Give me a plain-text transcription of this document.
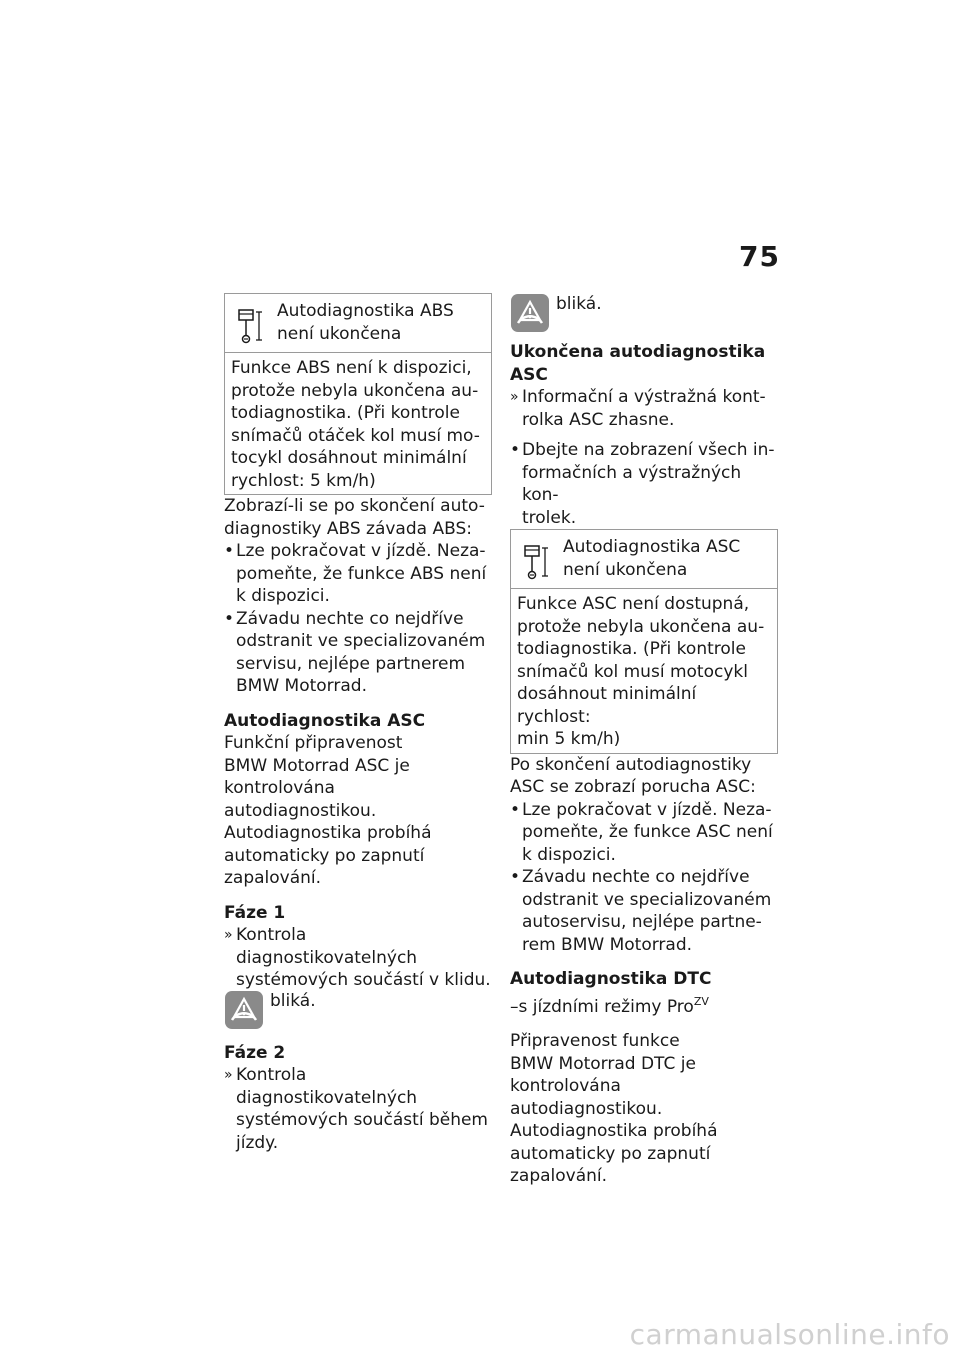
75
Autodiagnostika ABS
není ukončena
Funkce ABS není k dispozici,
protože nebyla ukončena au-
todiagnostika. (Při kontrole
snímačů otáček kol musí mo-
tocykl dosáhnout minimální
rychlost: 5 km/h)
Zobrazí-li se po skončení auto-
diagnostiky ABS závada ABS:
• Lze pokračovat v jízdě. Neza-
pomeňte, že funkce ABS není
k dispozici.
• Závadu nechte co nejdříve
odstranit ve specializovaném
servisu, nejlépe partnerem
BMW Motorrad.

Autodiagnostika ASC

Funkční připravenost
BMW Motorrad ASC je
kontrolována autodiagnostikou.
Autodiagnostika probíhá
automaticky po zapnutí
zapalování.

Fáze 1

» Kontrola diagnostikovatelných
systémových součástí v klidu.
bliká.

Fáze 2

» Kontrola diagnostikovatelných
systémových součástí během
jízdy.
bliká.
Ukončena autodiagnostika
ASC
» Informační a výstražná kont-
rolka ASC zhasne.
• Dbejte na zobrazení všech in-
formačních a výstražných kon-
trolek.
Autodiagnostika ASC
není ukončena
Funkce ASC není dostupná,
protože nebyla ukončena au-
todiagnostika. (Při kontrole
snímačů kol musí motocykl
dosáhnout minimální rychlost:
min 5 km/h)
Po skončení autodiagnostiky
ASC se zobrazí porucha ASC:
• Lze pokračovat v jízdě. Neza-
pomeňte, že funkce ASC není
k dispozici.
• Závadu nechte co nejdříve
odstranit ve specializovaném
autoservisu, nejlépe partne-
rem BMW Motorrad.

Autodiagnostika DTC

–s jízdními režimy Pro$^{ZV}$

Připravenost funkce
BMW Motorrad DTC je
kontrolována autodiagnostikou.
Autodiagnostika probíhá
automaticky po zapnutí
zapalování.
carmanualsonline.info
